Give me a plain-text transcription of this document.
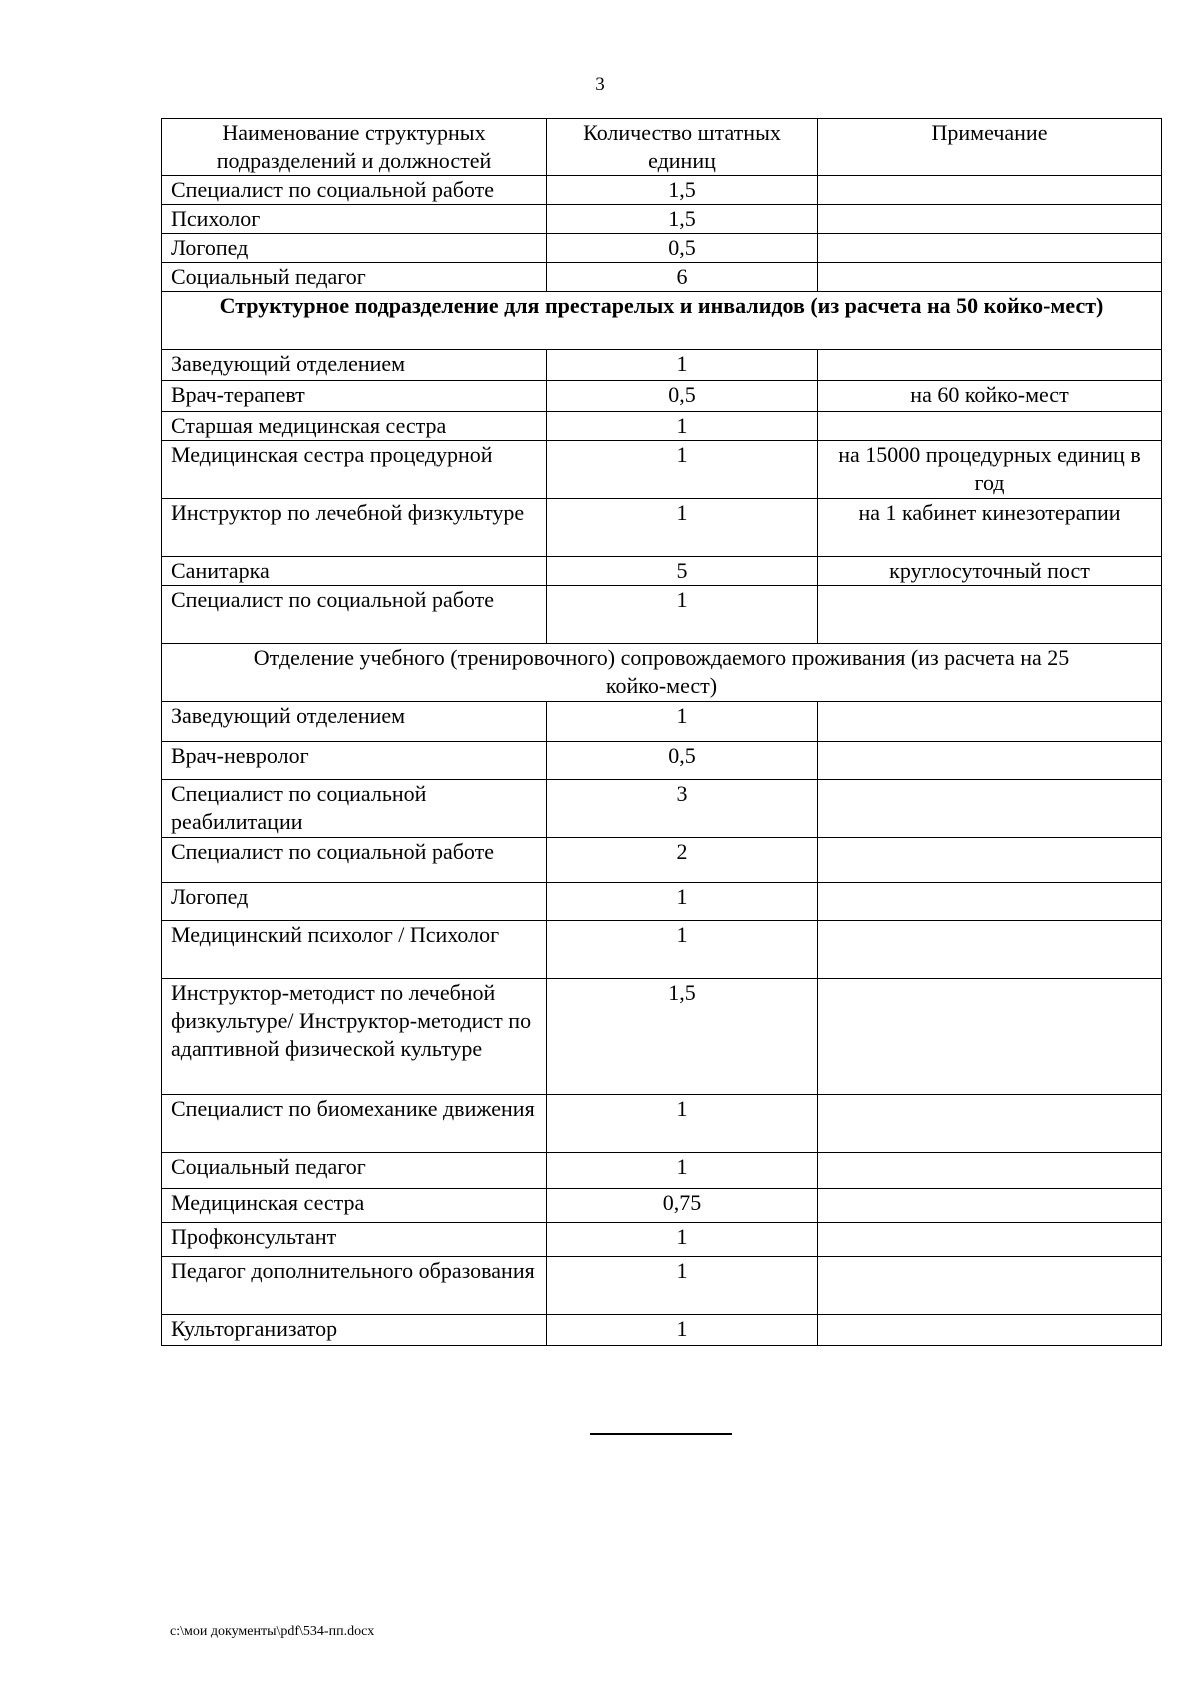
3
Наименование структурных подразделений и должностей	Количество штатных единиц	Примечание
Специалист по социальной работе	1,5	
Психолог	1,5	
Логопед	0,5	
Социальный педагог	6	
Структурное подразделение для престарелых и инвалидов (из расчета на 50 койко-мест)		
Заведующий отделением	1	
Врач-терапевт	0,5	на 60 койко-мест
Старшая медицинская сестра	1	
Медицинская сестра процедурной	1	на 15000 процедурных единиц в год
Инструктор по лечебной физкультуре	1	на 1 кабинет кинезотерапии
Санитарка	5	круглосуточный пост
Специалист по социальной работе	1	
Отделение учебного (тренировочного) сопровождаемого проживания (из расчета на 25 койко-мест)		
Заведующий отделением	1	
Врач-невролог	0,5	
Специалист по социальной реабилитации	3	
Специалист по социальной работе	2	
Логопед	1	
Медицинский психолог / Психолог	1	
Инструктор-методист по лечебной физкультуре/ Инструктор-методист по адаптивной физической культуре	1,5	
Специалист по биомеханике движения	1	
Социальный педагог	1	
Медицинская сестра	0,75	
Профконсультант	1	
Педагог дополнительного образования	1	
Культорганизатор	1	
c:\мои документы\pdf\534-пп.docx
